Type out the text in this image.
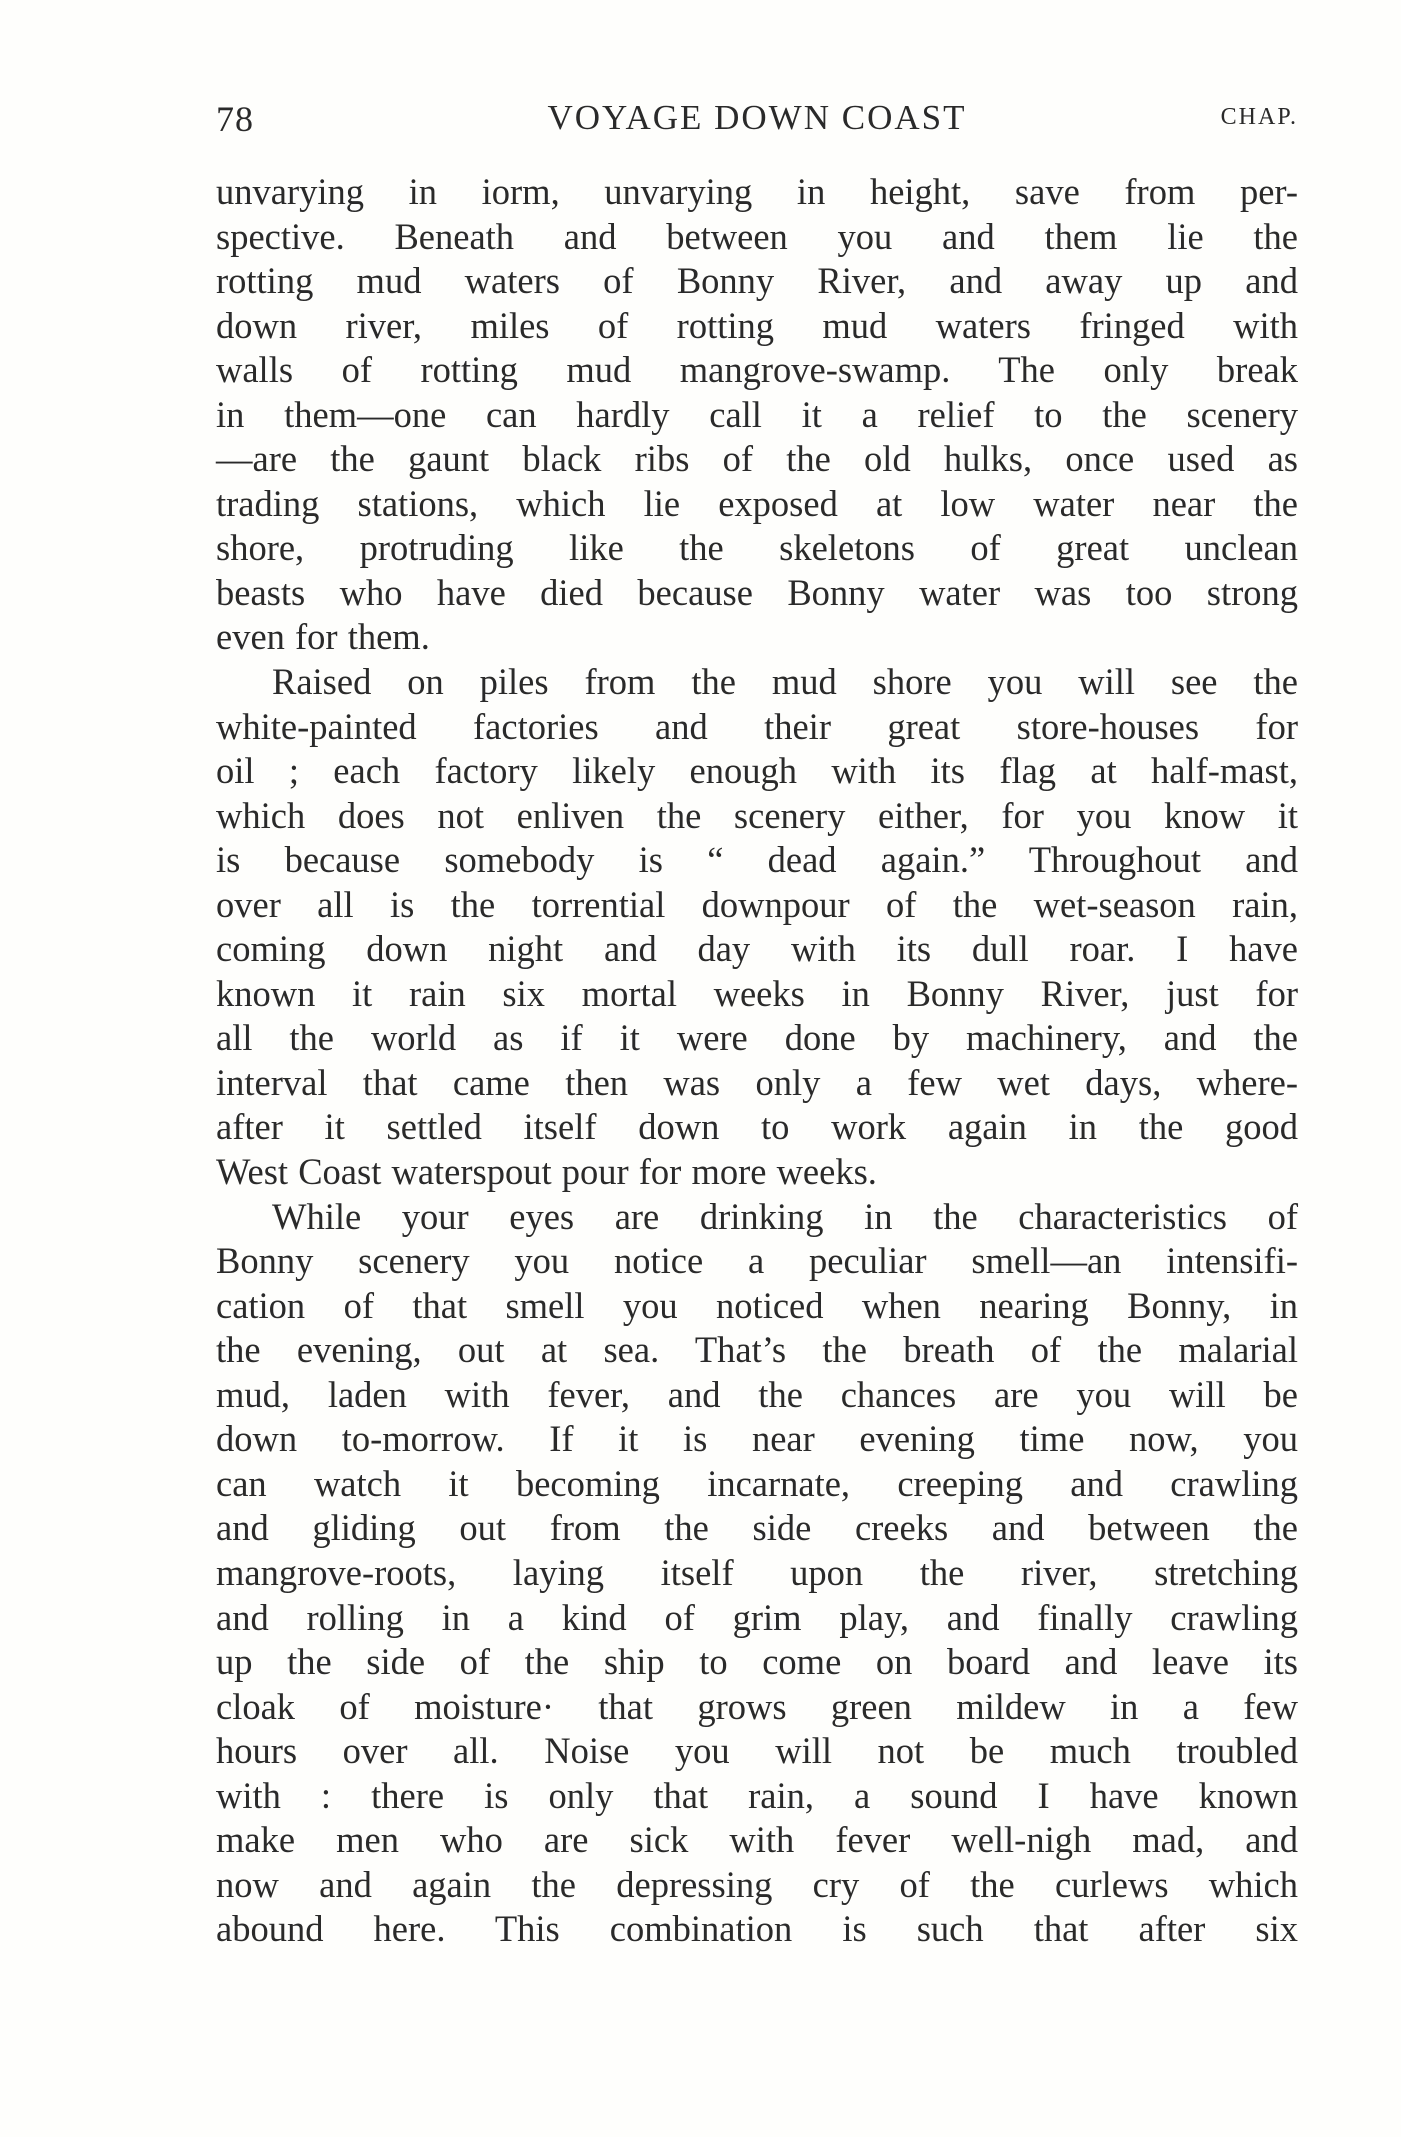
78	VOYAGE DOWN COAST	CHAP.
unvarying in iorm, unvarying in height, save from per-
spective. Beneath and between you and them lie the
rotting mud waters of Bonny River, and away up and
down river, miles of rotting mud waters fringed with
walls of rotting mud mangrove-swamp. The only break
in them—one can hardly call it a relief to the scenery
—are the gaunt black ribs of the old hulks, once used as
trading stations, which lie exposed at low water near the
shore, protruding like the skeletons of great unclean
beasts who have died because Bonny water was too strong
even for them.
Raised on piles from the mud shore you will see the
white-painted factories and their great store-houses for
oil ; each factory likely enough with its flag at half-mast,
which does not enliven the scenery either, for you know it
is because somebody is “ dead again.” Throughout and
over all is the torrential downpour of the wet-season rain,
coming down night and day with its dull roar. I have
known it rain six mortal weeks in Bonny River, just for
all the world as if it were done by machinery, and the
interval that came then was only a few wet days, where-
after it settled itself down to work again in the good
West Coast waterspout pour for more weeks.
While your eyes are drinking in the characteristics of
Bonny scenery you notice a peculiar smell—an intensifi-
cation of that smell you noticed when nearing Bonny, in
the evening, out at sea. That’s the breath of the malarial
mud, laden with fever, and the chances are you will be
down to-morrow. If it is near evening time now, you
can watch it becoming incarnate, creeping and crawling
and gliding out from the side creeks and between the
mangrove-roots, laying itself upon the river, stretching
and rolling in a kind of grim play, and finally crawling
up the side of the ship to come on board and leave its
cloak of moisture· that grows green mildew in a few
hours over all. Noise you will not be much troubled
with : there is only that rain, a sound I have known
make men who are sick with fever well-nigh mad, and
now and again the depressing cry of the curlews which
abound here. This combination is such that after six
